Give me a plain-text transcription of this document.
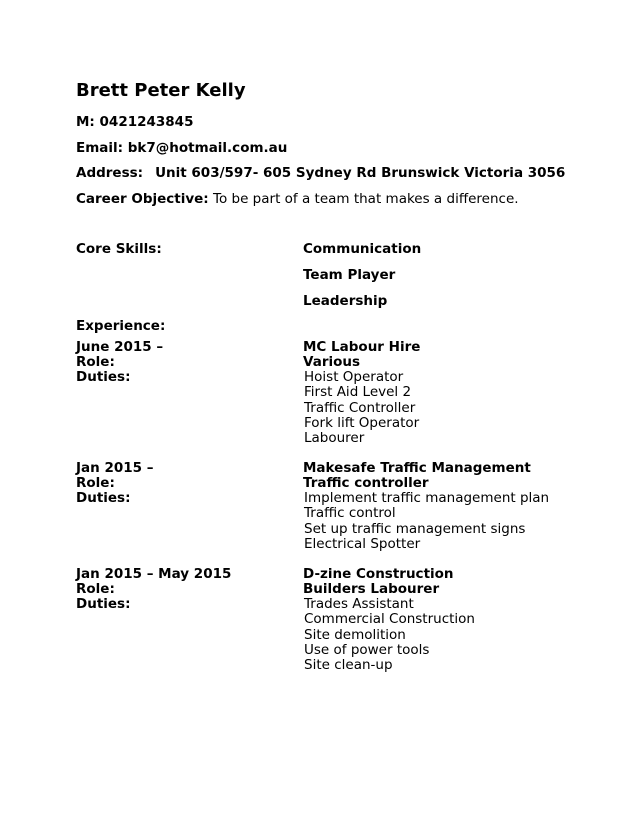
Brett Peter Kelly
M: 0421243845
Email: bk7@hotmail.com.au
Address: Unit 603/597- 605 Sydney Rd Brunswick Victoria 3056
Career Objective: To be part of a team that makes a difference.
Core Skills:	Communication
Team Player
Leadership
Experience:
June 2015 –	MC Labour Hire
Role:	Various
Duties:	Hoist Operator
First Aid Level 2
Traffic Controller
Fork lift Operator
Labourer
Jan 2015 –	Makesafe Traffic Management
Role:	Traffic controller
Duties:	Implement traffic management plan
Traffic control
Set up traffic management signs
Electrical Spotter
Jan 2015 – May 2015	D-zine Construction
Role:	Builders Labourer
Duties:	Trades Assistant
Commercial Construction
Site demolition
Use of power tools
Site clean-up
